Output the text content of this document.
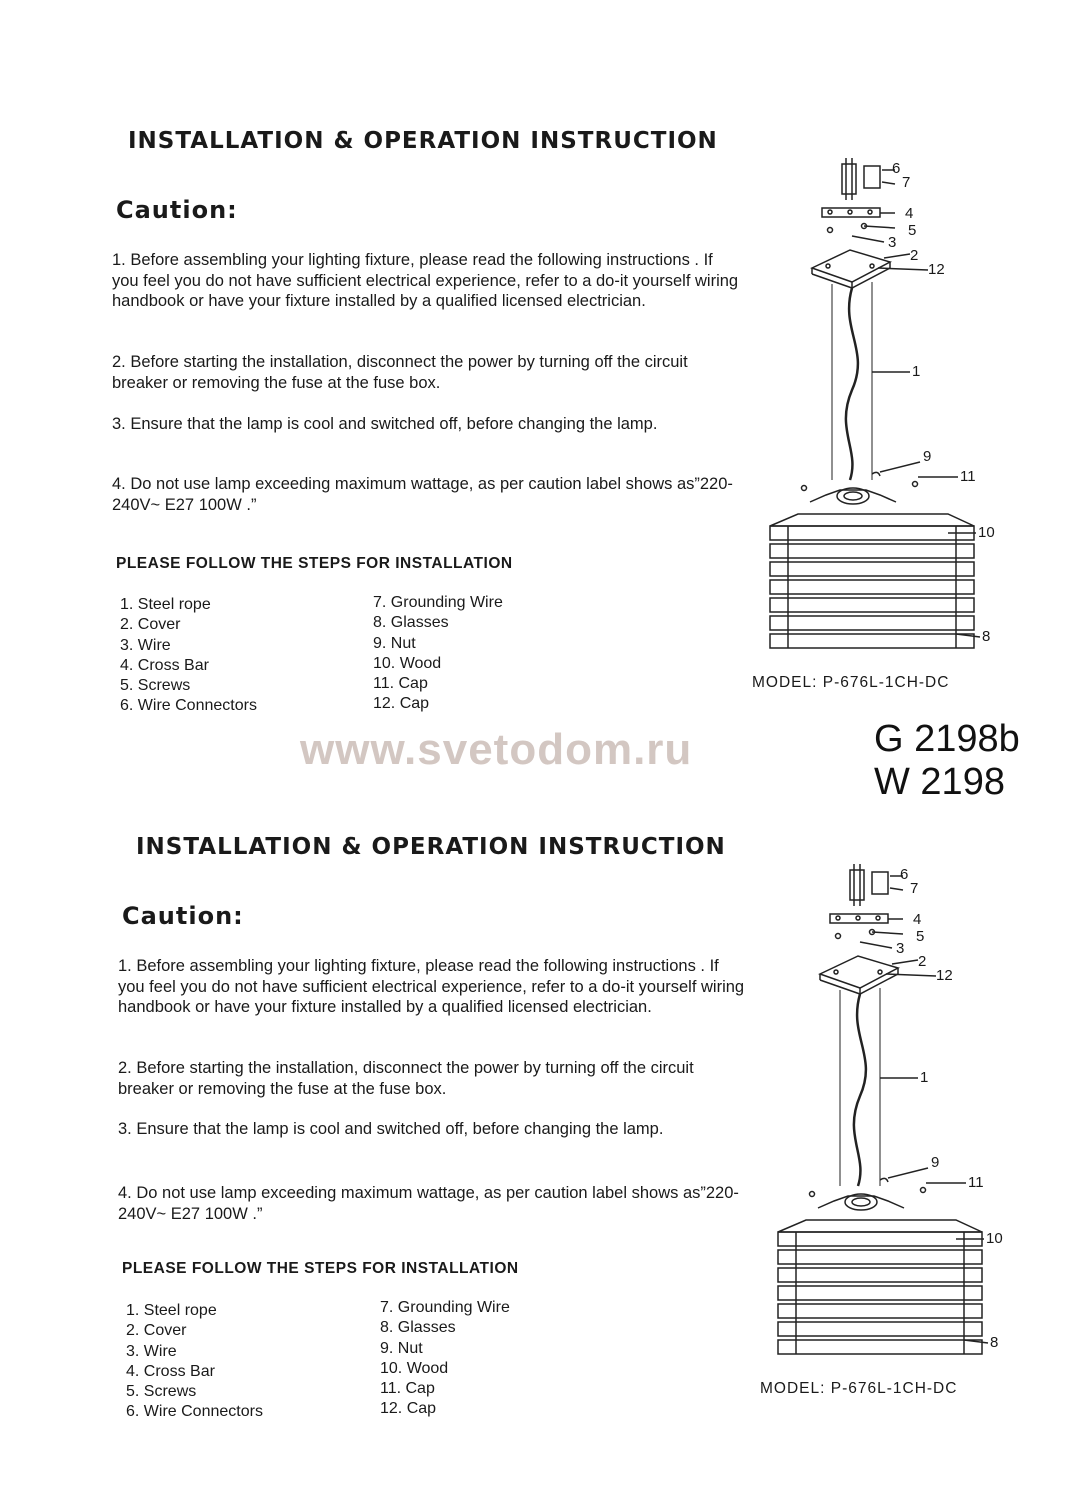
INSTALLATION & OPERATION INSTRUCTION
Caution:
1. Before assembling your lighting fixture, please read the following instructions . If you feel you do not have sufficient electrical experience, refer to a do-it yourself wiring handbook or have your fixture installed by a qualified licensed electrician.
2. Before starting the installation, disconnect the power by turning off the circuit breaker or removing the fuse at the fuse box.
3. Ensure that the lamp is cool and switched off, before changing the lamp.
4. Do not use lamp exceeding maximum wattage, as per caution label shows as”220-240V~ E27 100W .”
PLEASE FOLLOW THE STEPS FOR INSTALLATION
1. Steel rope
2. Cover
3. Wire
4. Cross Bar
5. Screws
6. Wire Connectors
7. Grounding Wire
8. Glasses
9. Nut
10. Wood
11. Cap
12. Cap
6
7
4
5
3
2
12
1
9
11
10
8
MODEL: P-676L-1CH-DC
www.svetodom.ru	G 2198b
W 2198
INSTALLATION & OPERATION INSTRUCTION
Caution:
1. Before assembling your lighting fixture, please read the following instructions . If you feel you do not have sufficient electrical experience, refer to a do-it yourself wiring handbook or have your fixture installed by a qualified licensed electrician.
2. Before starting the installation, disconnect the power by turning off the circuit breaker or removing the fuse at the fuse box.
3. Ensure that the lamp is cool and switched off, before changing the lamp.
4. Do not use lamp exceeding maximum wattage, as per caution label shows as”220-240V~ E27 100W .”
PLEASE FOLLOW THE STEPS FOR INSTALLATION
1. Steel rope
2. Cover
3. Wire
4. Cross Bar
5. Screws
6. Wire Connectors
7. Grounding Wire
8. Glasses
9. Nut
10. Wood
11. Cap
12. Cap
6
7
4
5
3
2
12
1
9
11
10
8
MODEL: P-676L-1CH-DC
